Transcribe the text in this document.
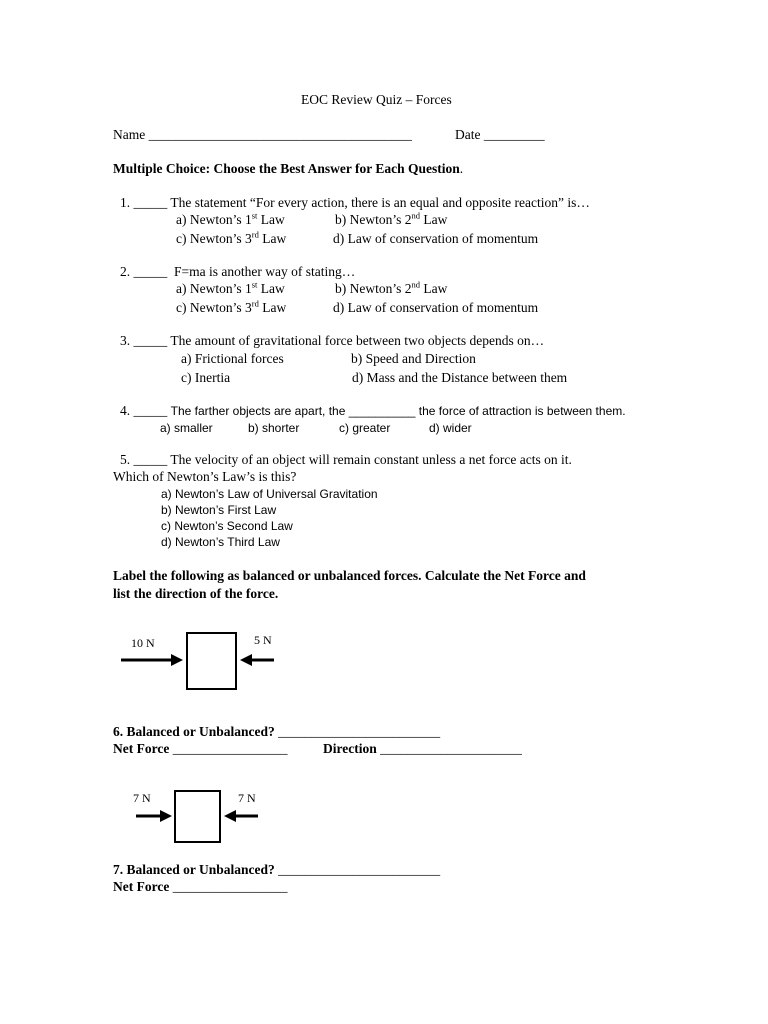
EOC Review Quiz – Forces
Name _______________________________________	Date _________
Multiple Choice: Choose the Best Answer for Each Question.
1. _____ The statement “For every action, there is an equal and opposite reaction” is…
a) Newton’s 1st Law	b) Newton’s 2nd Law
c) Newton’s 3rd Law	d) Law of conservation of momentum
2. _____ F=ma is another way of stating…
a) Newton’s 1st Law	b) Newton’s 2nd Law
c) Newton’s 3rd Law	d) Law of conservation of momentum
3. _____ The amount of gravitational force between two objects depends on…
a) Frictional forces	b) Speed and Direction
c) Inertia	d) Mass and the Distance between them
4. _____ The farther objects are apart, the __________ the force of attraction is between them.
a) smaller	b) shorter	c) greater	d) wider
5. _____ The velocity of an object will remain constant unless a net force acts on it.
Which of Newton’s Law’s is this?
a) Newton’s Law of Universal Gravitation
b) Newton’s First Law
c) Newton’s Second Law
d) Newton’s Third Law
Label the following as balanced or unbalanced forces. Calculate the Net Force and
list the direction of the force.
10 N	5 N
7 N	7 N
6. Balanced or Unbalanced? ________________________
Net Force _________________	Direction _____________________
7. Balanced or Unbalanced? ________________________
Net Force _________________
